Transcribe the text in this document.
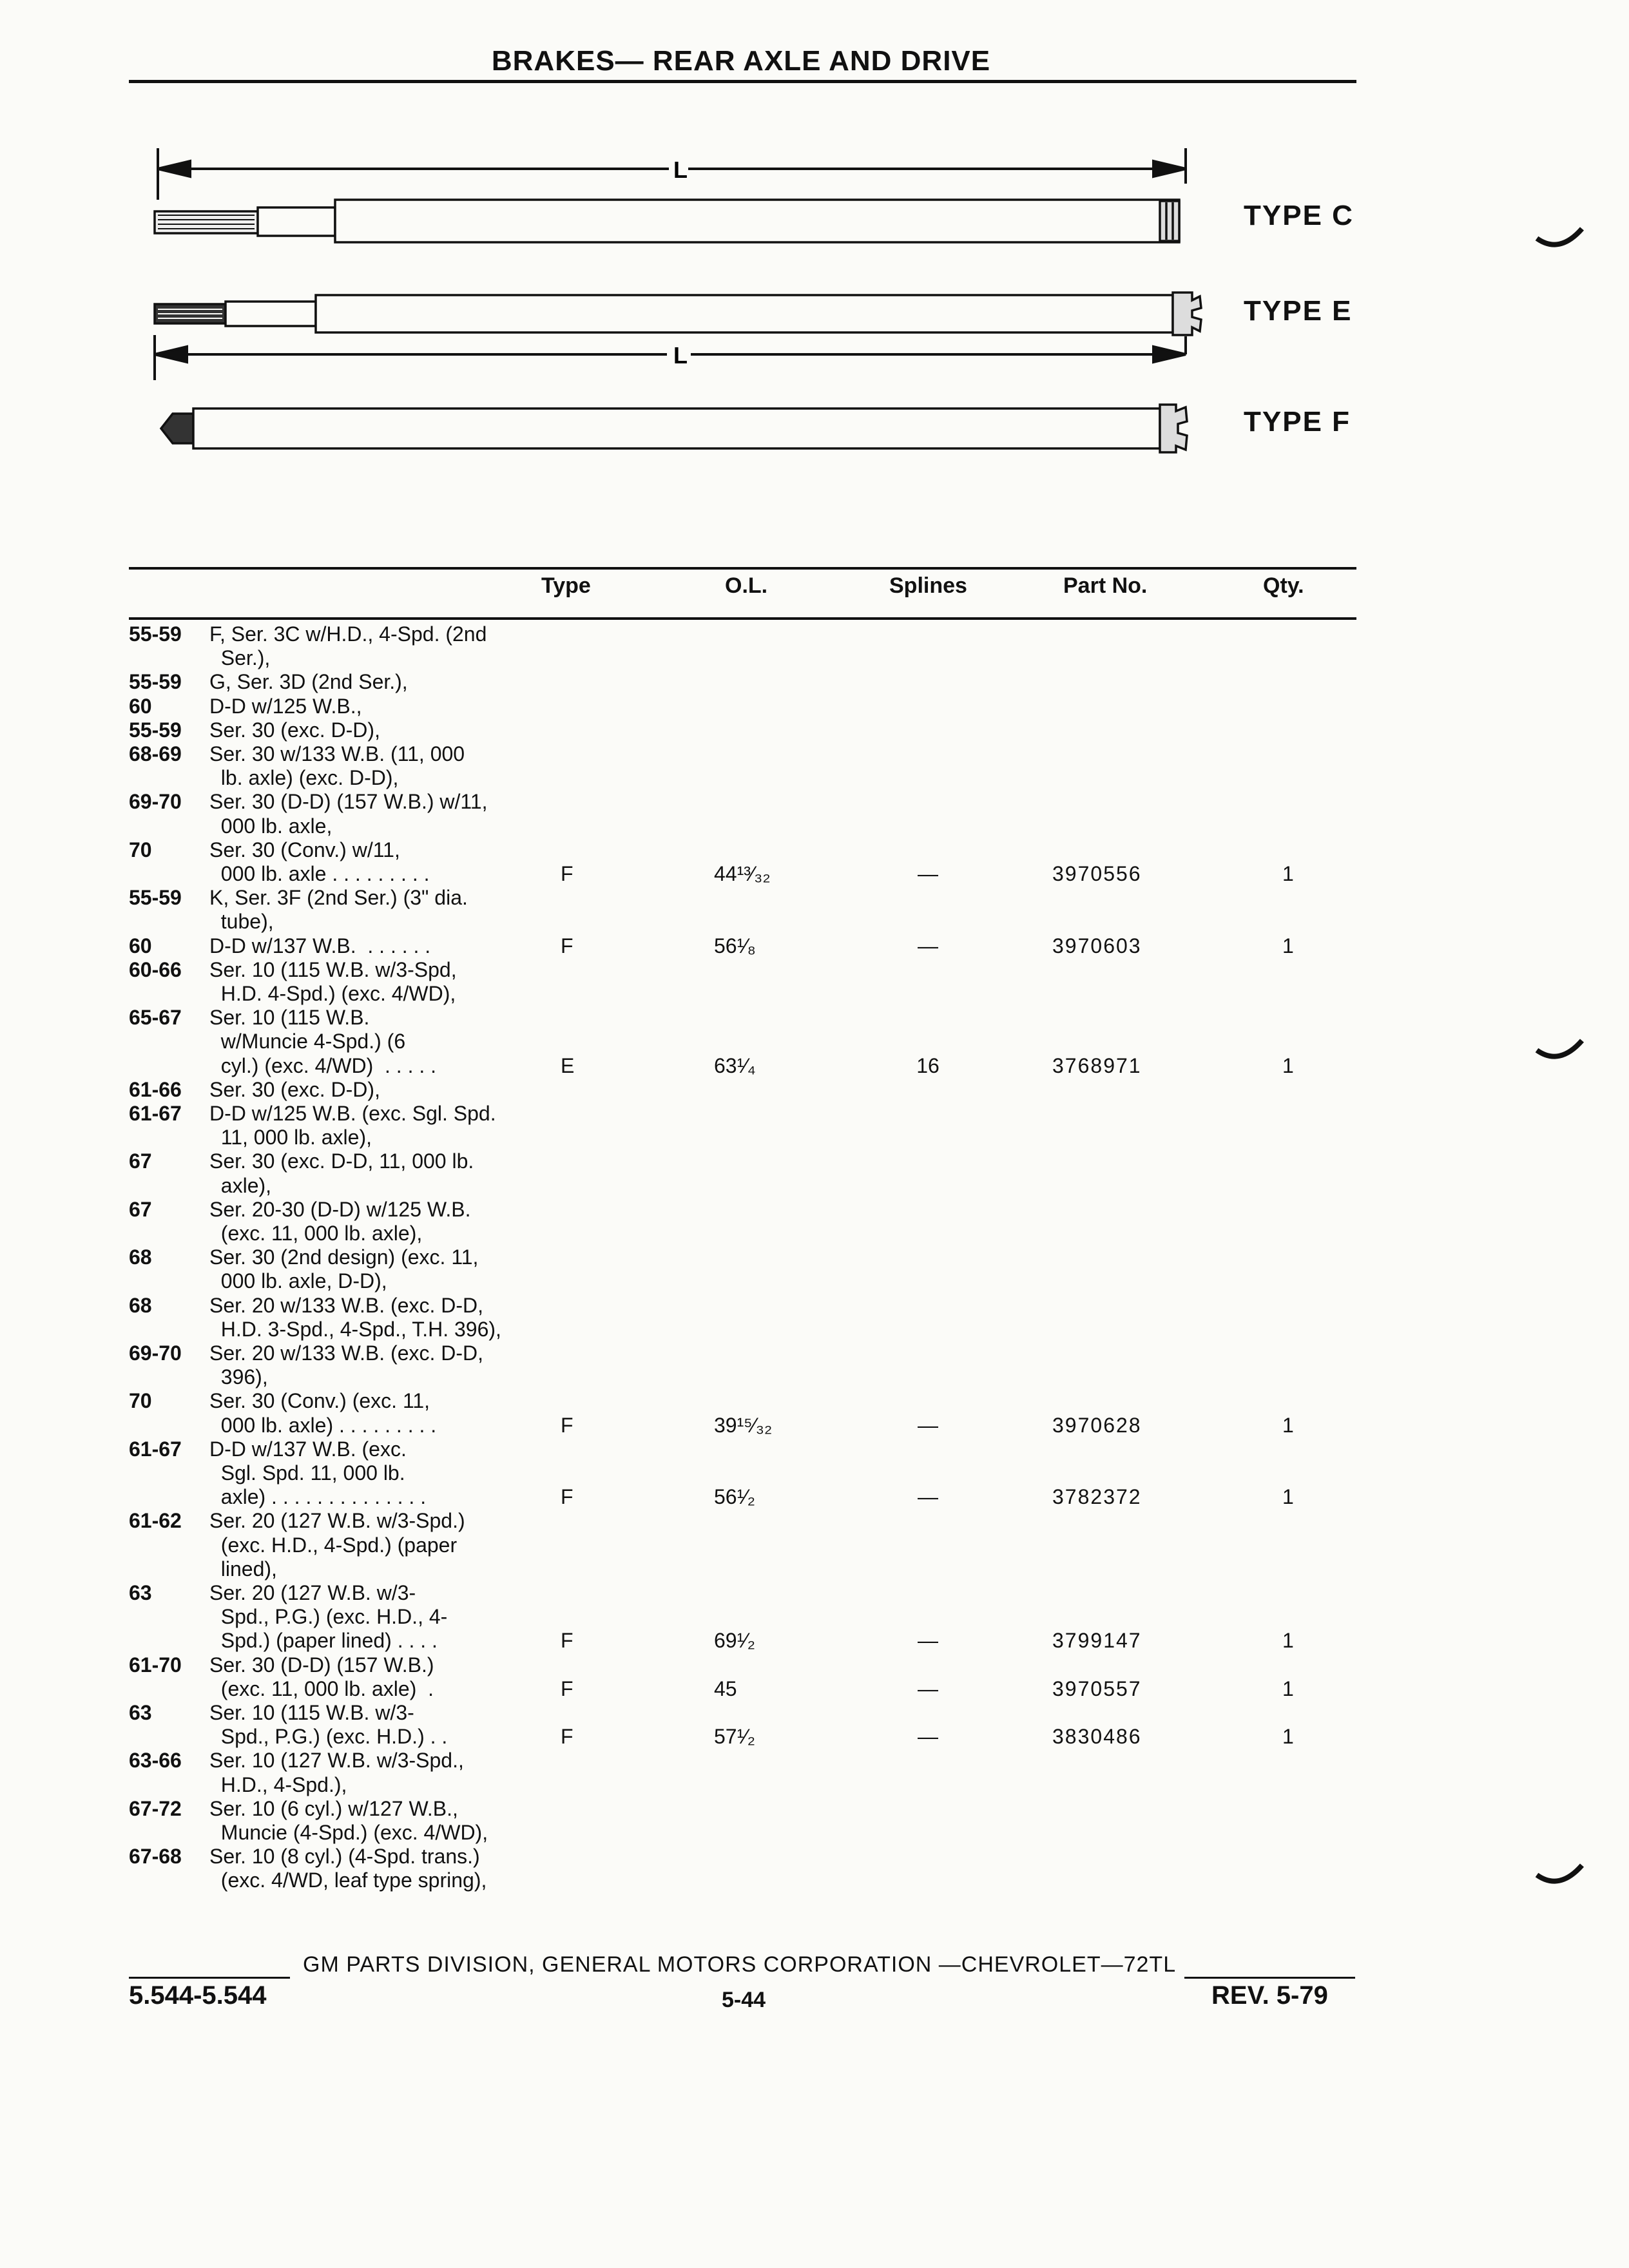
BRAKES— REAR AXLE AND DRIVE
L
L
TYPE C
TYPE E
TYPE F
Type	O.L.	Splines	Part No.	Qty.
55-59 F, Ser. 3C w/H.D., 4-Spd. (2nd
Ser.),
55-59 G, Ser. 3D (2nd Ser.),
60	D-D w/125 W.B.,
55-59 Ser. 30 (exc. D-D),
68-69 Ser. 30 w/133 W.B. (11, 000
lb. axle) (exc. D-D),
69-70 Ser. 30 (D-D) (157 W.B.) w/11,
000 lb. axle,
70	Ser. 30 (Conv.) w/11,
000 lb. axle . . . . . . . . .	F	44¹³⁄₃₂	—	3970556	1
55-59 K, Ser. 3F (2nd Ser.) (3" dia.
tube),
60	D-D w/137 W.B.  . . . . . .	F	56¹⁄₈	—	3970603	1
60-66 Ser. 10 (115 W.B. w/3-Spd,
H.D. 4-Spd.) (exc. 4/WD),
65-67 Ser. 10 (115 W.B.
w/Muncie 4-Spd.) (6
cyl.) (exc. 4/WD)  . . . . .	E	63¹⁄₄	16	3768971	1
61-66 Ser. 30 (exc. D-D),
61-67 D-D w/125 W.B. (exc. Sgl. Spd.
11, 000 lb. axle),
67	Ser. 30 (exc. D-D, 11, 000 lb.
axle),
67	Ser. 20-30 (D-D) w/125 W.B.
(exc. 11, 000 lb. axle),
68	Ser. 30 (2nd design) (exc. 11,
000 lb. axle, D-D),
68	Ser. 20 w/133 W.B. (exc. D-D,
H.D. 3-Spd., 4-Spd., T.H. 396),
69-70 Ser. 20 w/133 W.B. (exc. D-D,
396),
70	Ser. 30 (Conv.) (exc. 11,
000 lb. axle) . . . . . . . . .	F	39¹⁵⁄₃₂	—	3970628	1
61-67 D-D w/137 W.B. (exc.
Sgl. Spd. 11, 000 lb.
axle) . . . . . . . . . . . . . .	F	56¹⁄₂	—	3782372	1
61-62 Ser. 20 (127 W.B. w/3-Spd.)
(exc. H.D., 4-Spd.) (paper
lined),
63	Ser. 20 (127 W.B. w/3-
Spd., P.G.) (exc. H.D., 4-
Spd.) (paper lined) . . . .	F	69¹⁄₂	—	3799147	1
61-70 Ser. 30 (D-D) (157 W.B.)
(exc. 11, 000 lb. axle)  .	F	45	—	3970557	1
63	Ser. 10 (115 W.B. w/3-
Spd., P.G.) (exc. H.D.) . .	F	57¹⁄₂	—	3830486	1
63-66 Ser. 10 (127 W.B. w/3-Spd.,
H.D., 4-Spd.),
67-72 Ser. 10 (6 cyl.) w/127 W.B.,
Muncie (4-Spd.) (exc. 4/WD),
67-68 Ser. 10 (8 cyl.) (4-Spd. trans.)
(exc. 4/WD, leaf type spring),
GM PARTS DIVISION, GENERAL MOTORS CORPORATION —CHEVROLET—72TL
5.544-5.544	5-44	REV. 5-79
